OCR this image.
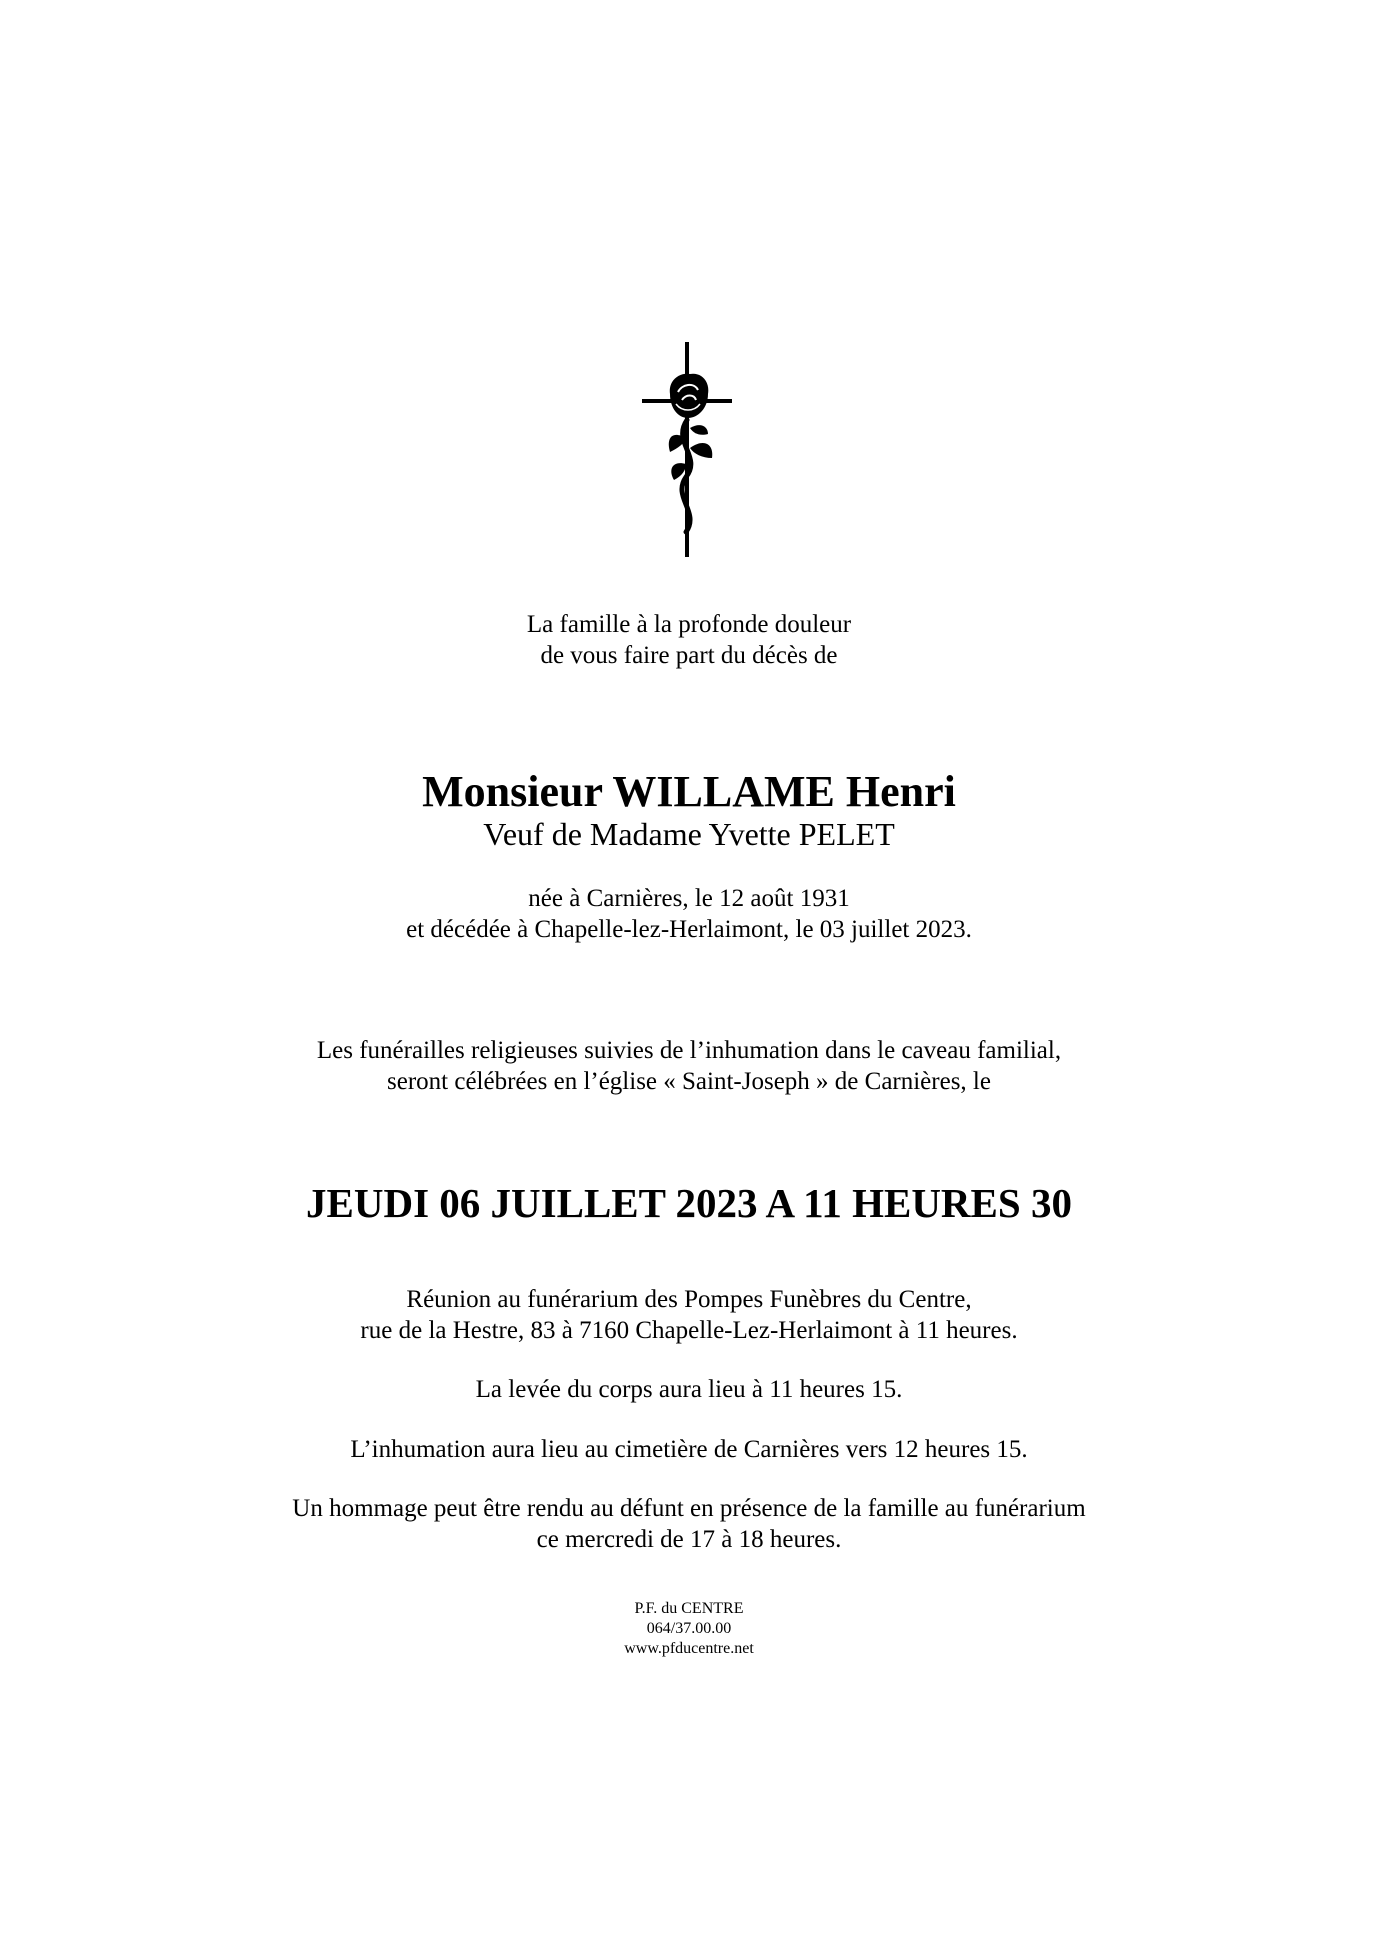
La famille à la profonde douleur
de vous faire part du décès de
Monsieur WILLAME Henri
Veuf de Madame Yvette PELET
née à Carnières, le 12 août 1931
et décédée à Chapelle-lez-Herlaimont, le 03 juillet 2023.
Les funérailles religieuses suivies de l’inhumation dans le caveau familial,
seront célébrées en l’église « Saint-Joseph » de Carnières, le
JEUDI 06 JUILLET 2023 A 11 HEURES 30
Réunion au funérarium des Pompes Funèbres du Centre,
rue de la Hestre, 83 à 7160 Chapelle-Lez-Herlaimont à 11 heures.
La levée du corps aura lieu à 11 heures 15.
L’inhumation aura lieu au cimetière de Carnières vers 12 heures 15.
Un hommage peut être rendu au défunt en présence de la famille au funérarium
ce mercredi de 17 à 18 heures.
P.F. du CENTRE
064/37.00.00
www.pfducentre.net
